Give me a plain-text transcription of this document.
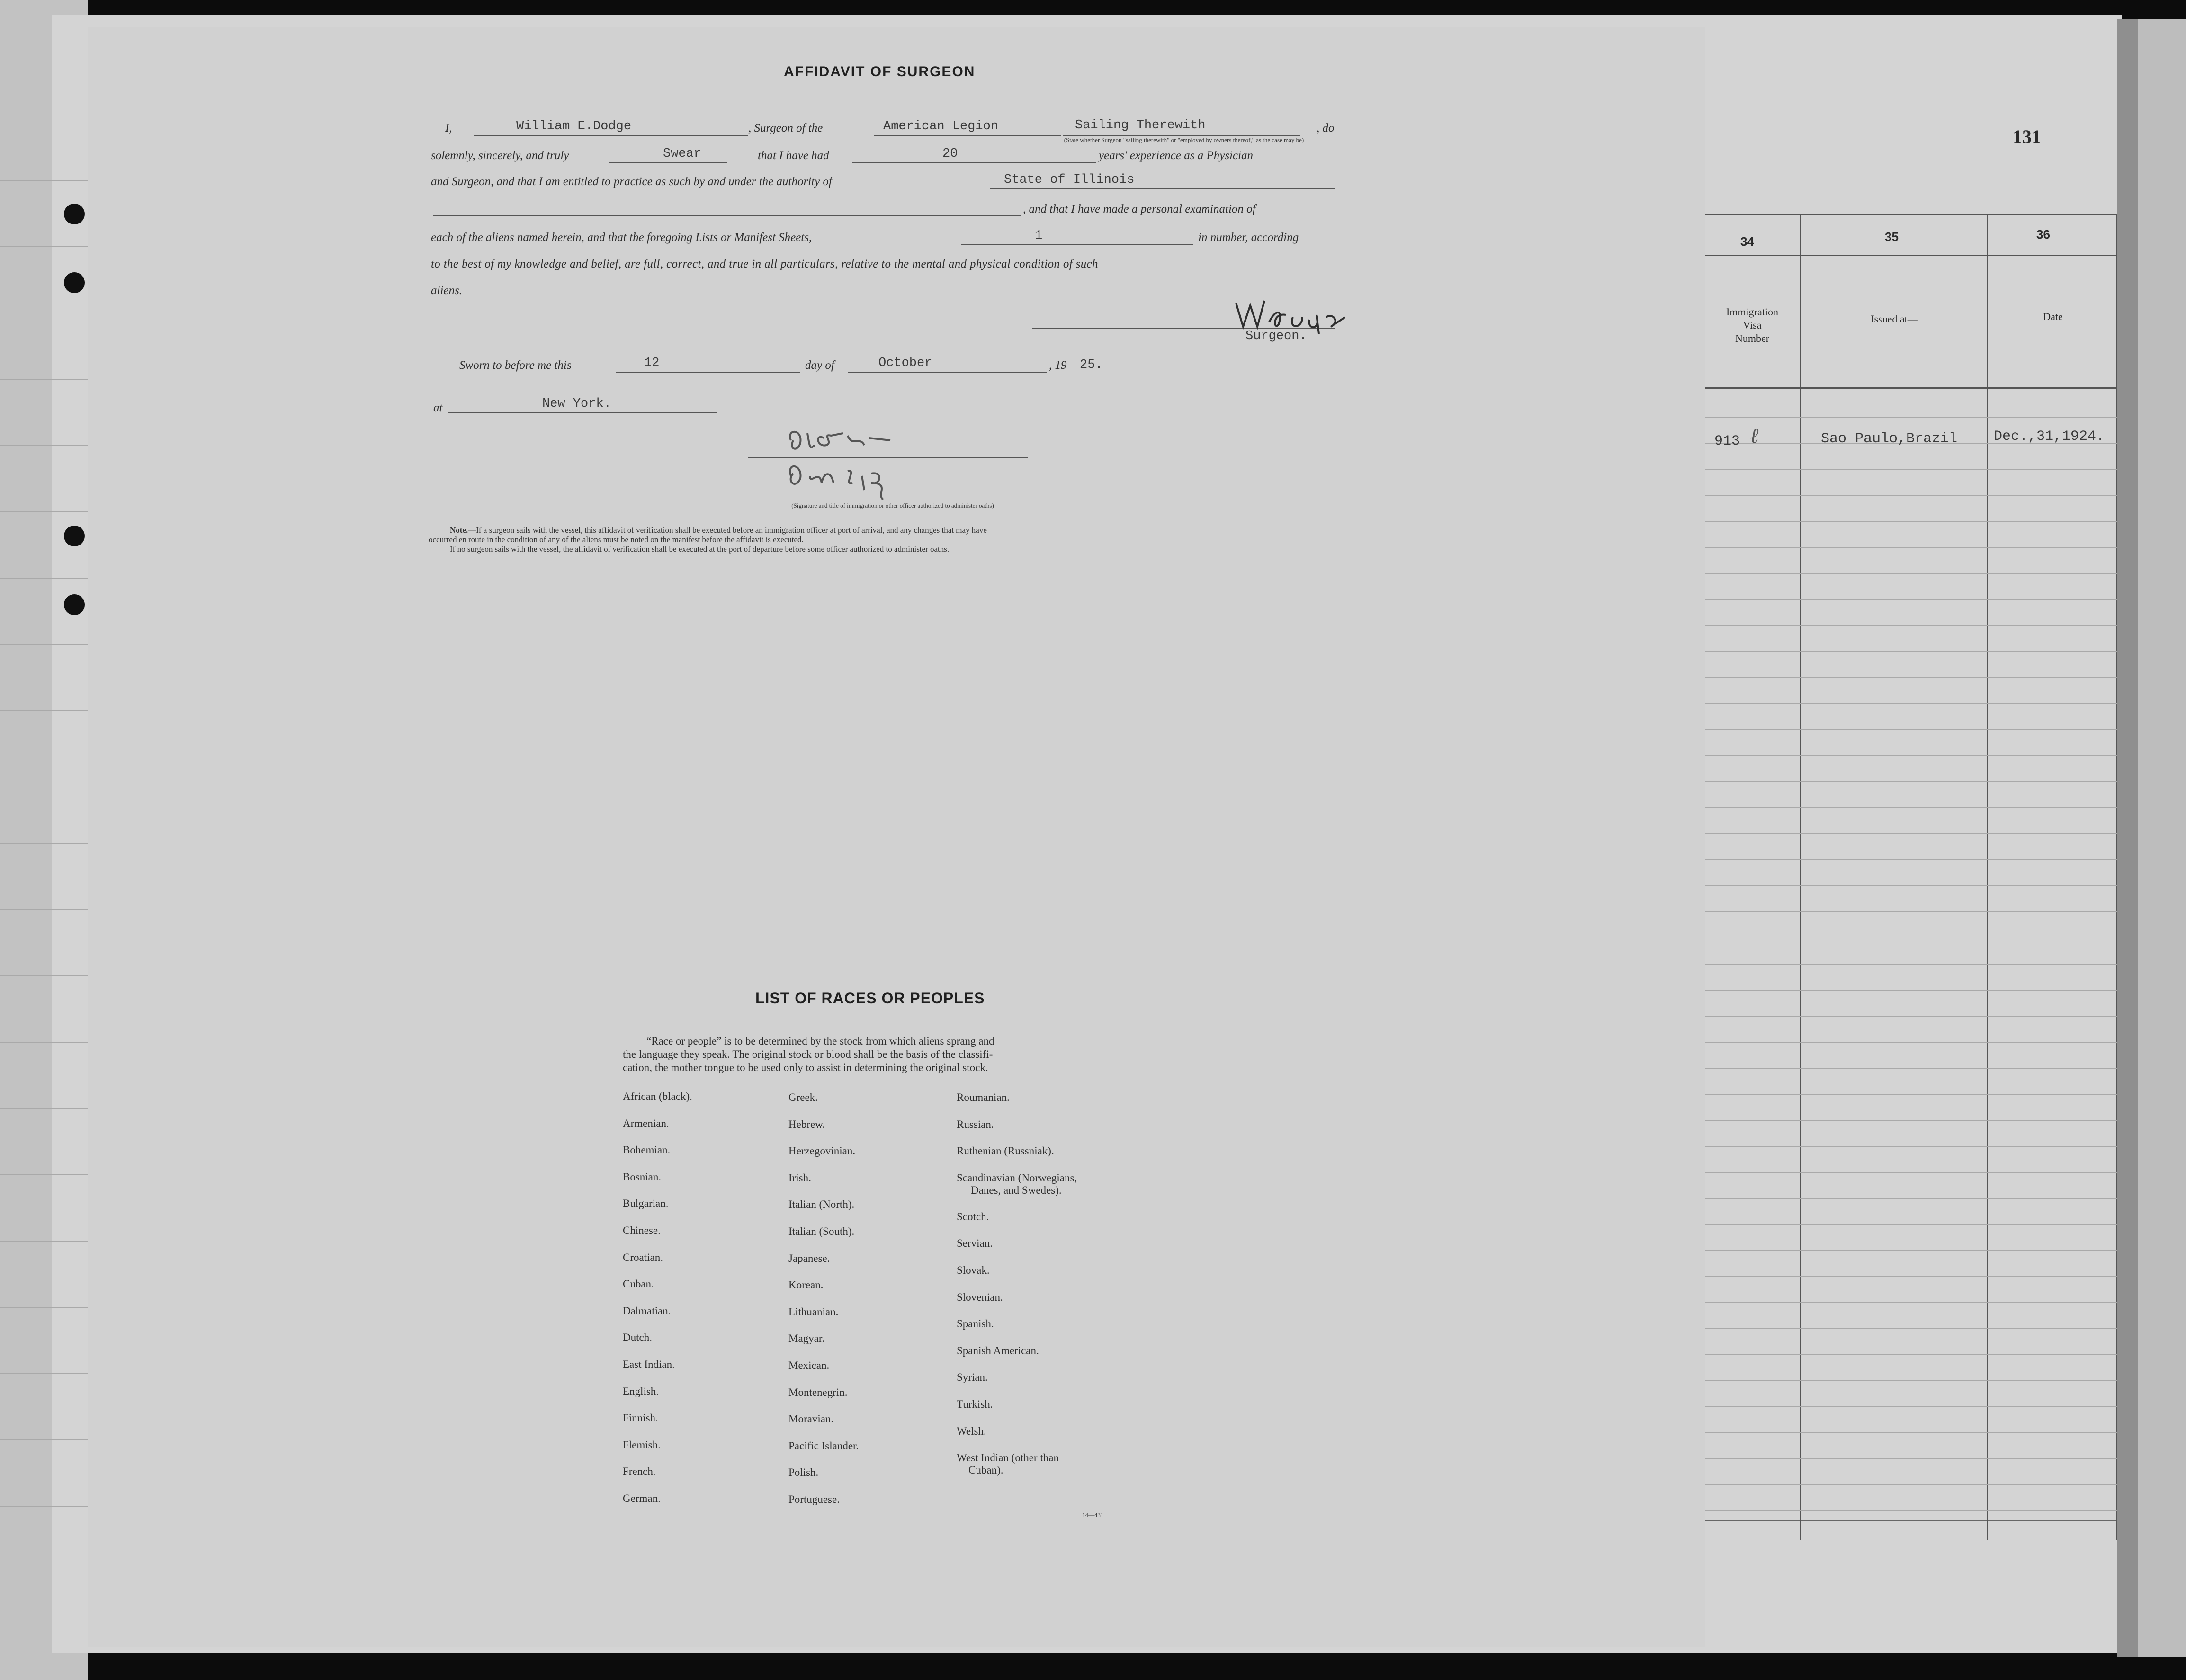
131
34	35	36
Immigration
Visa
Number
Issued at—	Date
913 ℓ	Sao Paulo,Brazil	Dec.,31,1924.
AFFIDAVIT OF SURGEON
I,	William E.Dodge	, Surgeon of the	American Legion	Sailing Therewith	, do
(State whether Surgeon "sailing therewith" or "employed by owners thereof," as the case may be)
solemnly, sincerely, and truly	Swear	that I have had	20	years' experience as a Physician
and Surgeon, and that I am entitled to practice as such by and under the authority of	State of Illinois
, and that I have made a personal examination of
each of the aliens named herein, and that the foregoing Lists or Manifest Sheets,	1	in number, according
to the best of my knowledge and belief, are full, correct, and true in all particulars, relative to the mental and physical condition of such
aliens.
Surgeon.
Sworn to before me this	12	day of	October	, 19 25.
at	New York.
(Signature and title of immigration or other officer authorized to administer oaths)
Note.—If a surgeon sails with the vessel, this affidavit of verification shall be executed before an immigration officer at port of arrival, and any changes that may have
occurred en route in the condition of any of the aliens must be noted on the manifest before the affidavit is executed.
If no surgeon sails with the vessel, the affidavit of verification shall be executed at the port of departure before some officer authorized to administer oaths.
LIST OF RACES OR PEOPLES
“Race or people” is to be determined by the stock from which aliens sprang and
the language they speak. The original stock or blood shall be the basis of the classifi-
cation, the mother tongue to be used only to assist in determining the original stock.
African (black).
Armenian.
Bohemian.
Bosnian.
Bulgarian.
Chinese.
Croatian.
Cuban.
Dalmatian.
Dutch.
East Indian.
English.
Finnish.
Flemish.
French.
German.
Greek.
Hebrew.
Herzegovinian.
Irish.
Italian (North).
Italian (South).
Japanese.
Korean.
Lithuanian.
Magyar.
Mexican.
Montenegrin.
Moravian.
Pacific Islander.
Polish.
Portuguese.
Roumanian.
Russian.
Ruthenian (Russniak).
Scandinavian (Norwegians,
Danes, and Swedes).
Scotch.
Servian.
Slovak.
Slovenian.
Spanish.
Spanish American.
Syrian.
Turkish.
Welsh.
West Indian (other than
Cuban).
14—431
